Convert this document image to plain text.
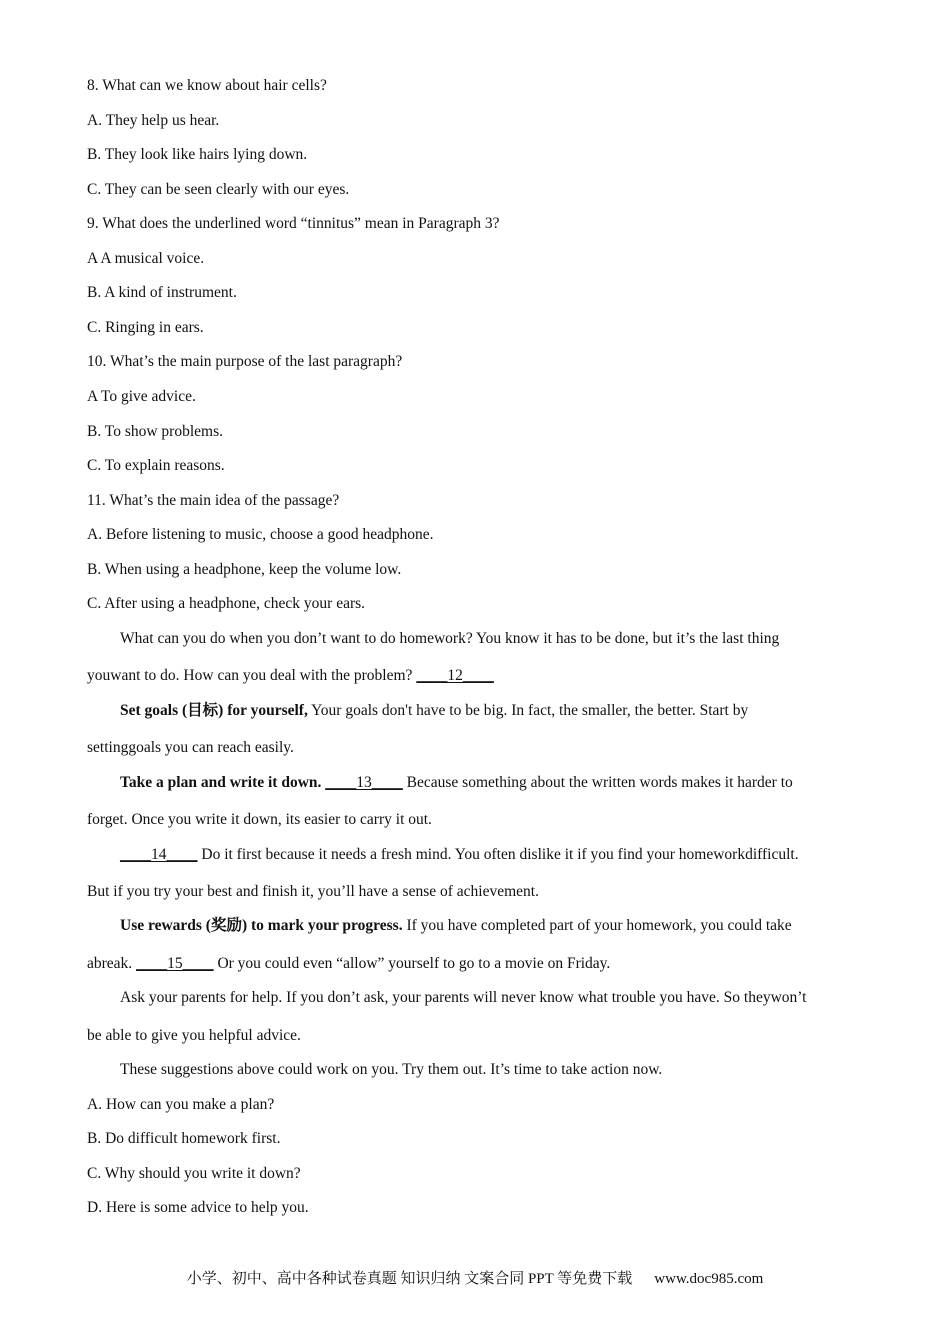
8. What can we know about hair cells?
A. They help us hear.
B. They look like hairs lying down.
C. They can be seen clearly with our eyes.
9. What does the underlined word “tinnitus” mean in Paragraph 3?
A A musical voice.
B. A kind of instrument.
C. Ringing in ears.
10. What’s the main purpose of the last paragraph?
A To give advice.
B. To show problems.
C. To explain reasons.
11. What’s the main idea of the passage?
A. Before listening to music, choose a good headphone.
B. When using a headphone, keep the volume low.
C. After using a headphone, check your ears.
What can you do when you don’t want to do homework? You know it has to be done, but it’s the last thing
youwant to do. How can you deal with the problem? ____12____
Set goals (目标) for yourself, Your goals don't have to be big. In fact, the smaller, the better. Start by
settinggoals you can reach easily.
Take a plan and write it down. ____13____ Because something about the written words makes it harder to
forget. Once you write it down, its easier to carry it out.
____14____ Do it first because it needs a fresh mind. You often dislike it if you find your homeworkdifficult.
But if you try your best and finish it, you’ll have a sense of achievement.
Use rewards (奖励) to mark your progress. If you have completed part of your homework, you could take
abreak. ____15____ Or you could even “allow” yourself to go to a movie on Friday.
Ask your parents for help. If you don’t ask, your parents will never know what trouble you have. So theywon’t
be able to give you helpful advice.
These suggestions above could work on you. Try them out. It’s time to take action now.
A. How can you make a plan?
B. Do difficult homework first.
C. Why should you write it down?
D. Here is some advice to help you.
小学、初中、高中各种试卷真题 知识归纳 文案合同 PPT 等免费下载 www.doc985.com
